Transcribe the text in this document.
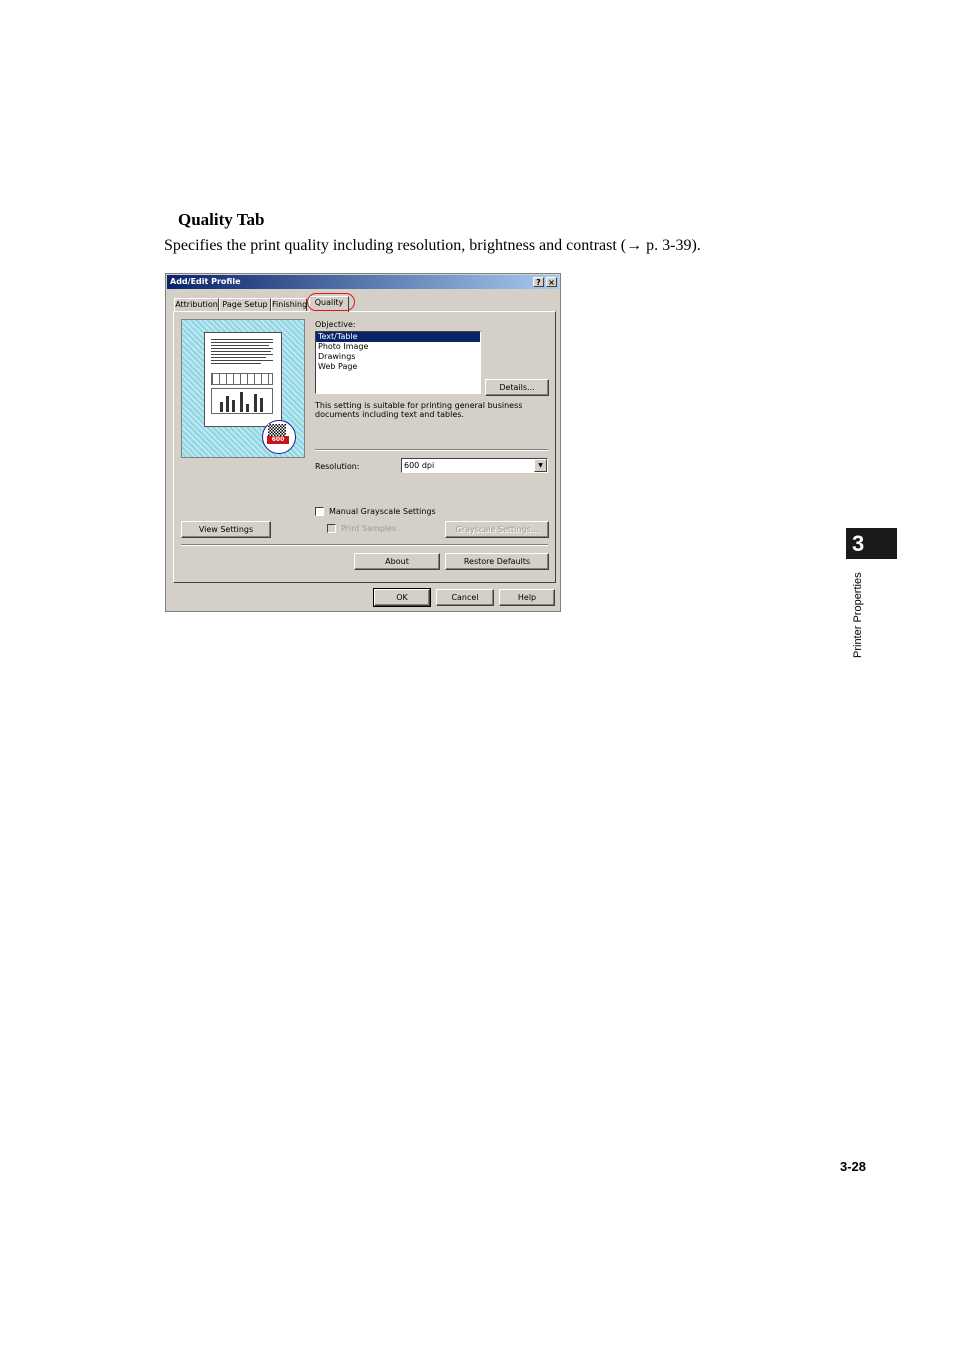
Quality Tab
Specifies the print quality including resolution, brightness and contrast (→ p. 3-39).
Add/Edit Profile	? ×
Attribution Page Setup Finishing Quality
600
Objective:
Text/Table
Photo Image
Drawings
Web Page
Details...
This setting is suitable for printing general business documents including text and tables.
Resolution:	600 dpi	▼
Manual Grayscale Settings
View Settings	Print Samples	Grayscale Settings...
About	Restore Defaults
OK	Cancel	Help
3
Printer Properties
3-28
